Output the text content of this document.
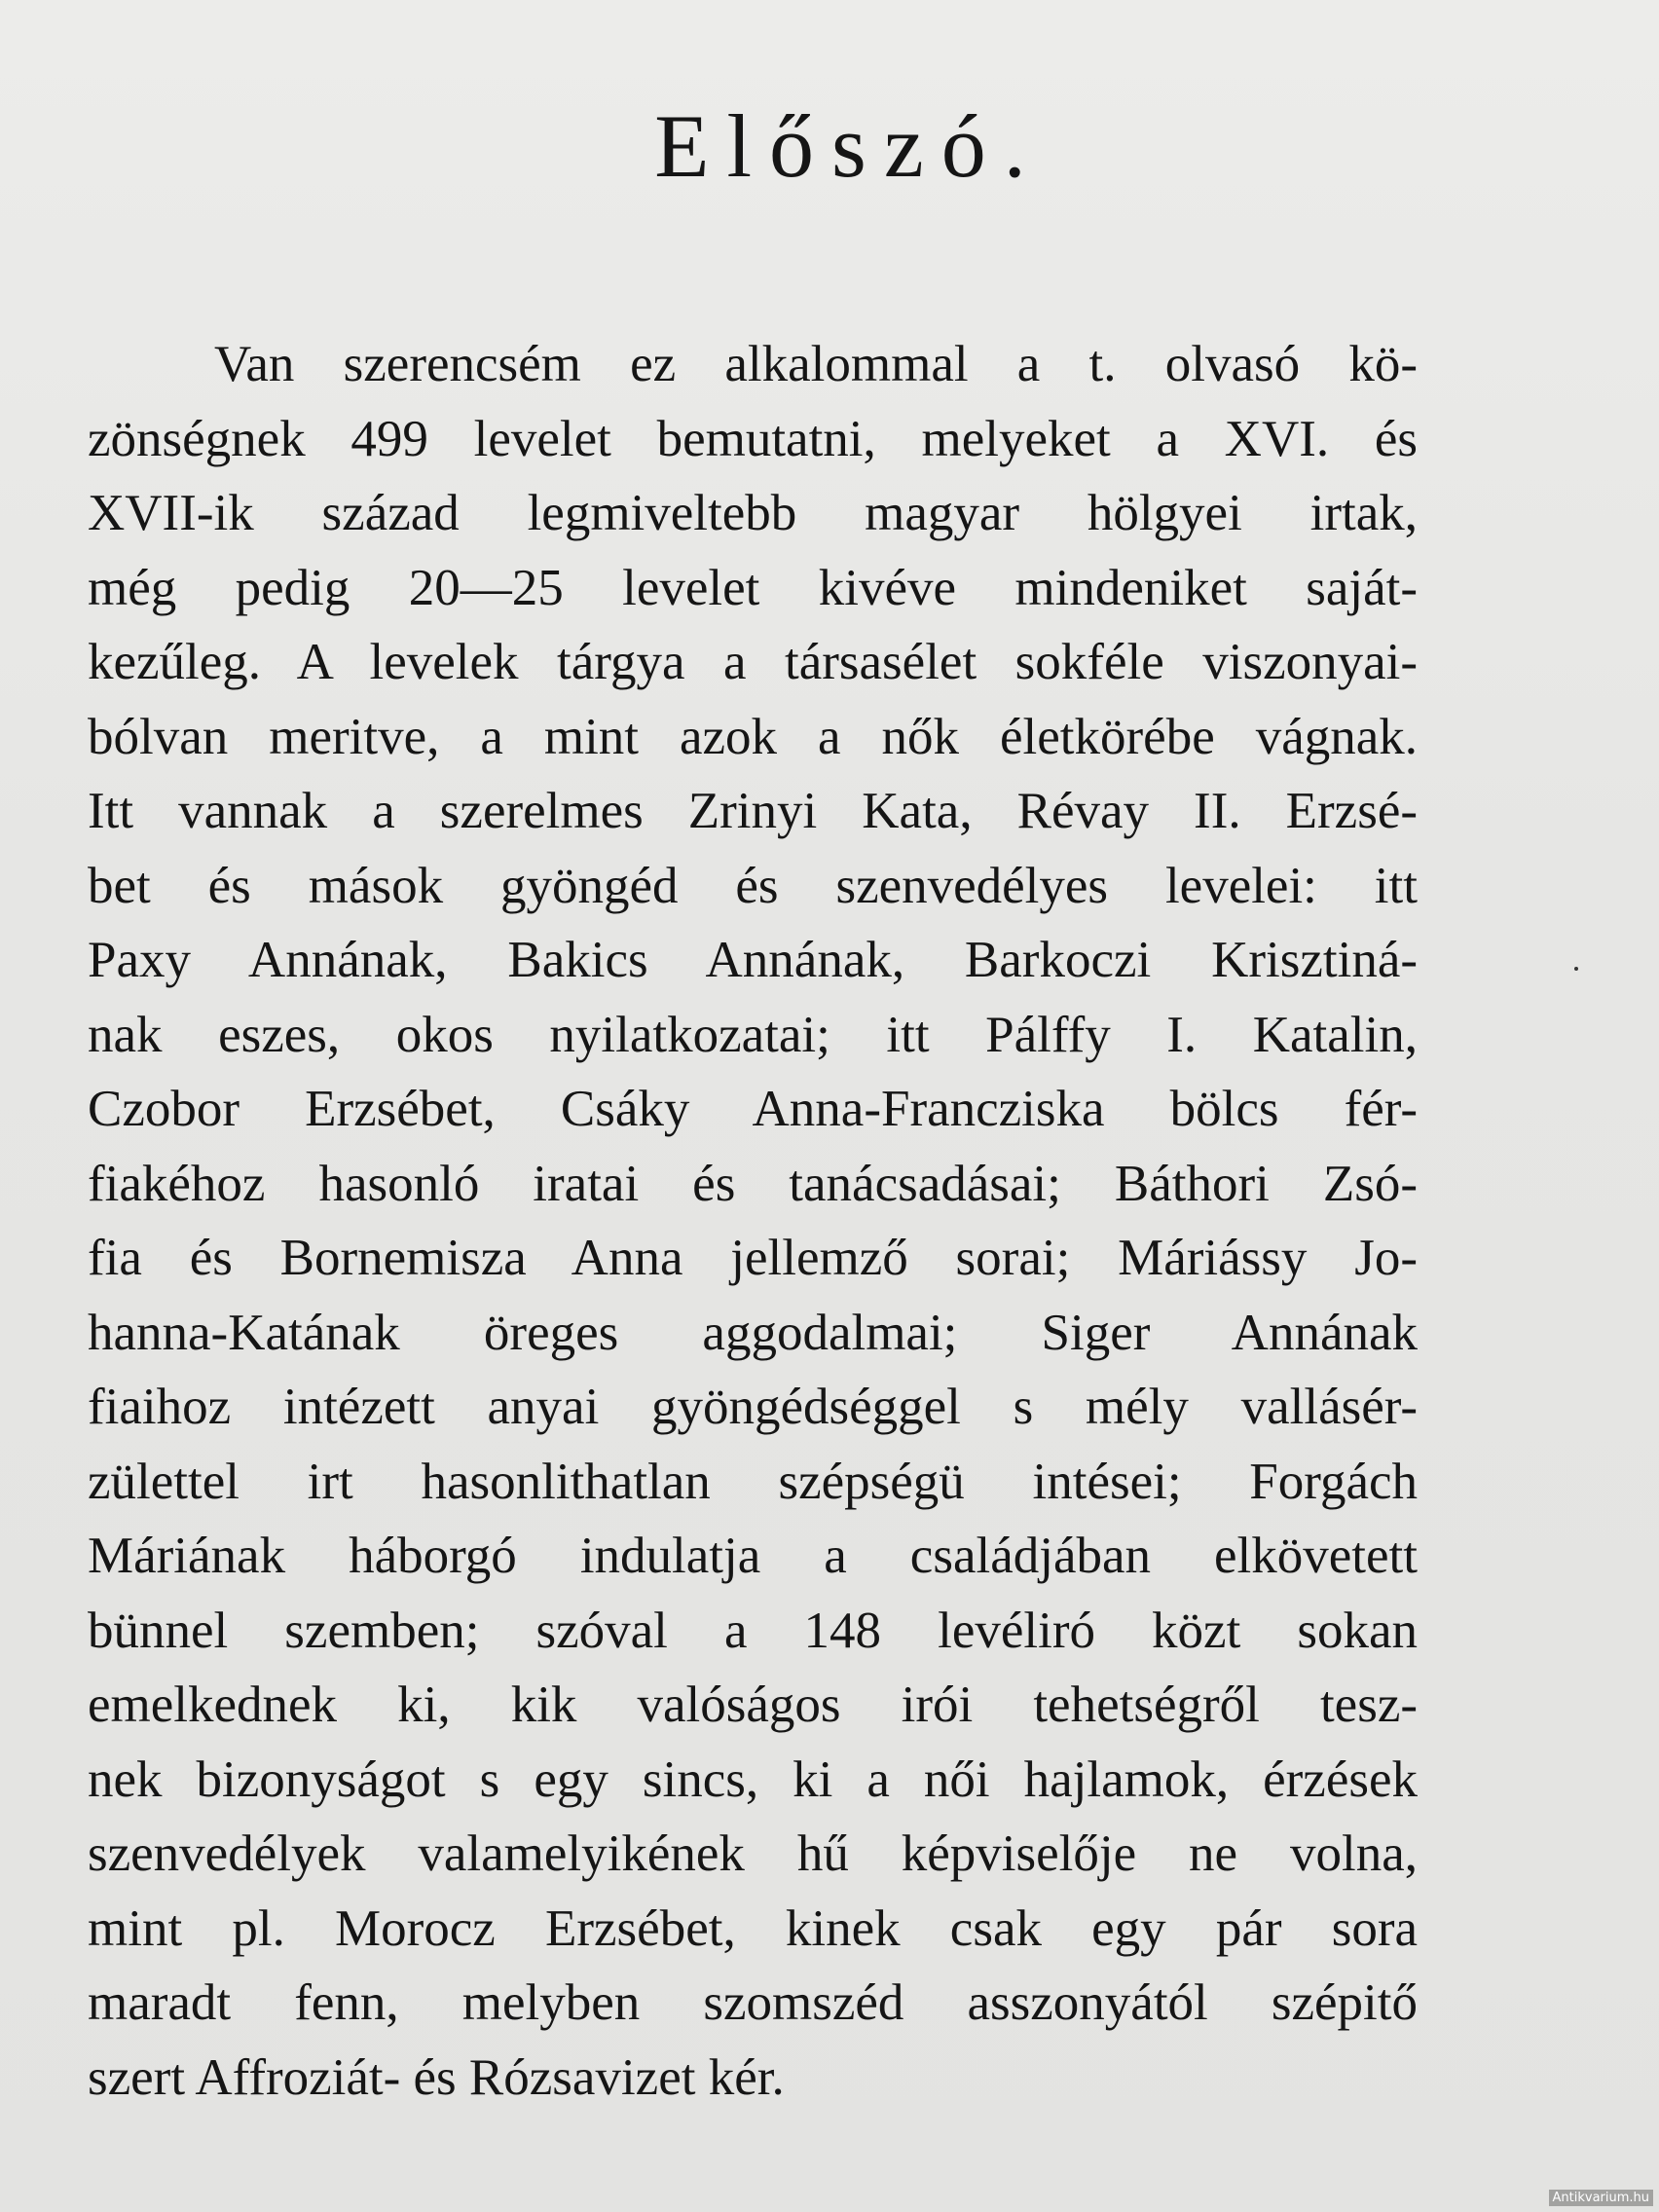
Előszó.
Van szerencsém ez alkalommal a t. olvasó kö-
zönségnek 499 levelet bemutatni, melyeket a XVI. és
XVII-ik század legmiveltebb magyar hölgyei irtak,
még pedig 20—25 levelet kivéve mindeniket saját-
kezűleg. A levelek tárgya a társasélet sokféle viszonyai-
bólvan meritve, a mint azok a nők életkörébe vágnak.
Itt vannak a szerelmes Zrinyi Kata, Révay II. Erzsé-
bet és mások gyöngéd és szenvedélyes levelei: itt
Paxy Annának, Bakics Annának, Barkoczi Krisztiná-
nak eszes, okos nyilatkozatai; itt Pálffy I. Katalin,
Czobor Erzsébet, Csáky Anna-Francziska bölcs fér-
fiakéhoz hasonló iratai és tanácsadásai; Báthori Zsó-
fia és Bornemisza Anna jellemző sorai; Máriássy Jo-
hanna-Katának öreges aggodalmai; Siger Annának
fiaihoz intézett anyai gyöngédséggel s mély vallásér-
zülettel irt hasonlithatlan szépségü intései; Forgách
Máriának háborgó indulatja a családjában elkövetett
bünnel szemben; szóval a 148 levéliró közt sokan
emelkednek ki, kik valóságos irói tehetségről tesz-
nek bizonyságot s egy sincs, ki a női hajlamok, érzések
szenvedélyek valamelyikének hű képviselője ne volna,
mint pl. Morocz Erzsébet, kinek csak egy pár sora
maradt fenn, melyben szomszéd asszonyától szépitő
szert Affroziát- és Rózsavizet kér.
Antikvarium.hu
